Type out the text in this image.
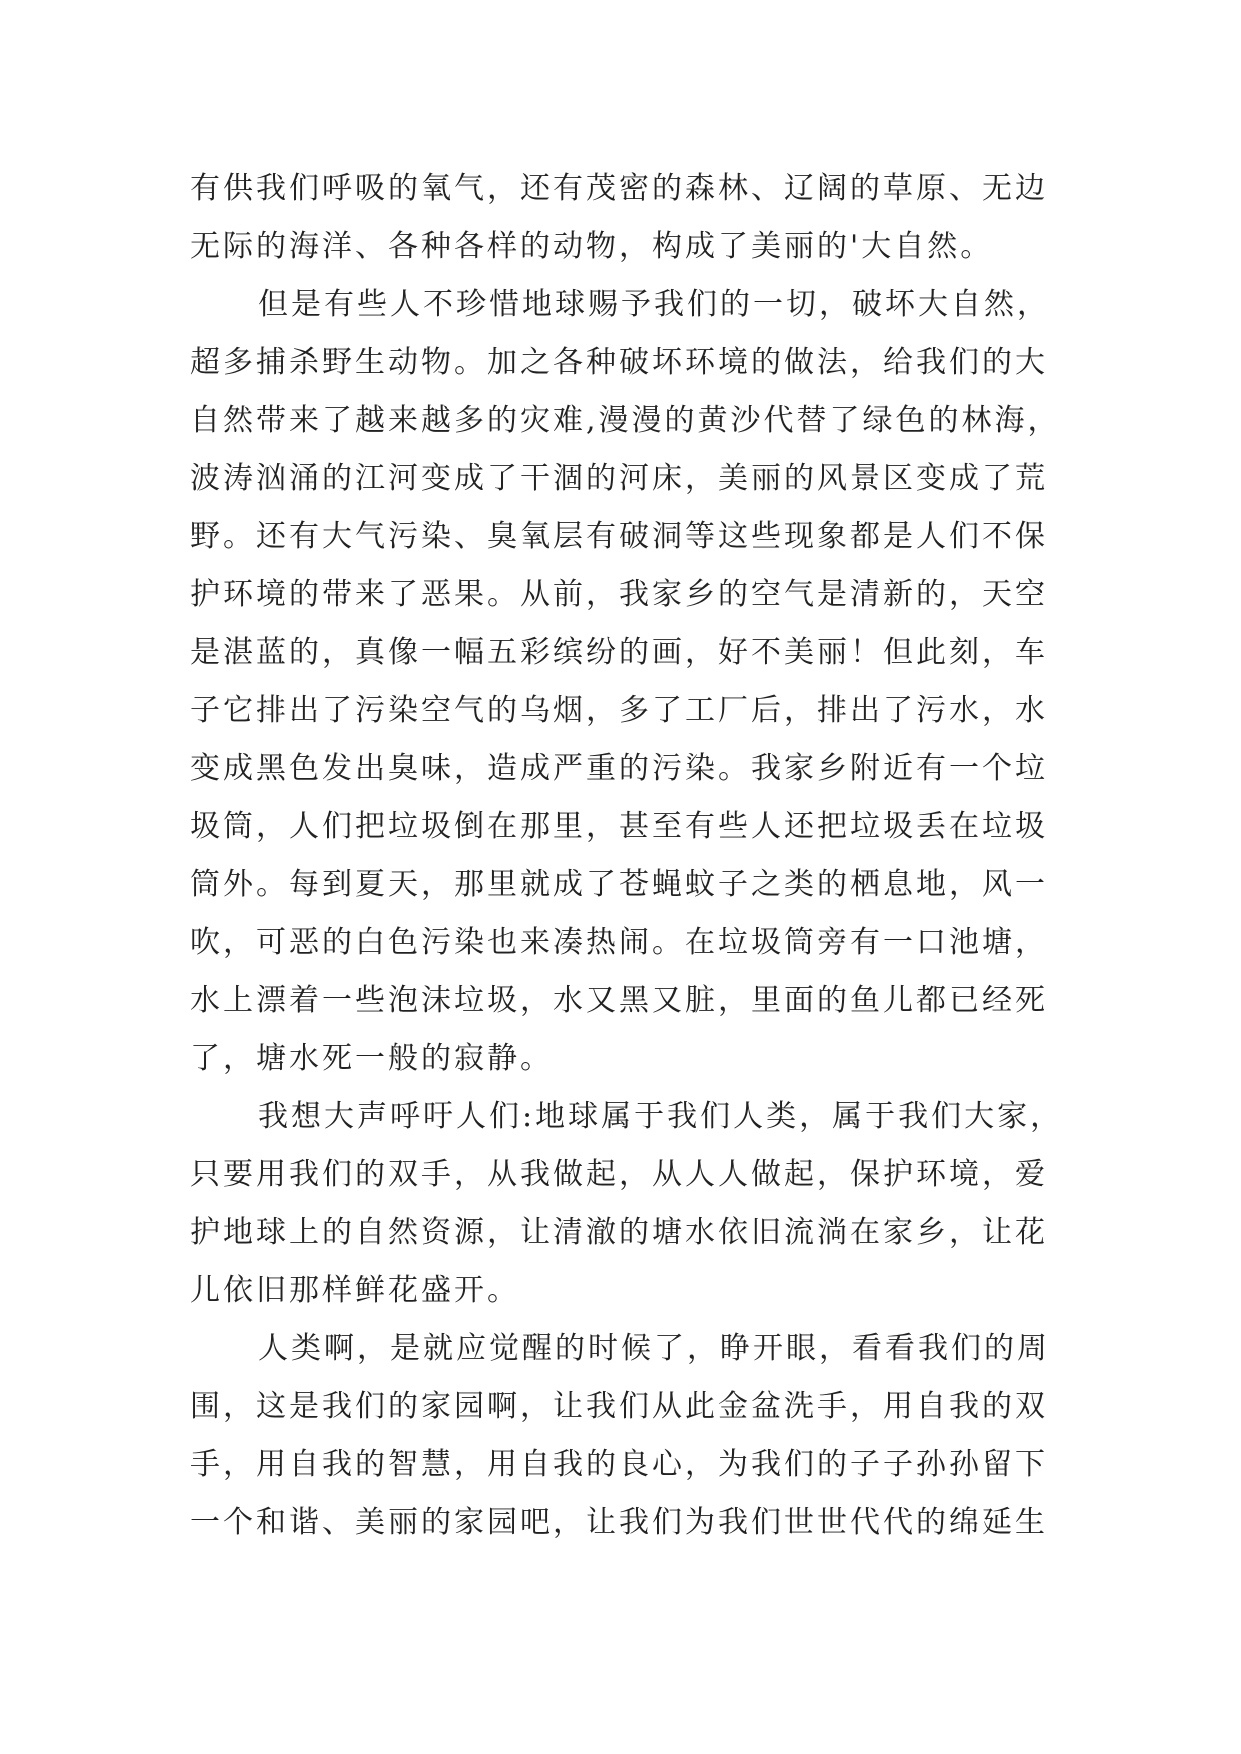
有供我们呼吸的氧气，还有茂密的森林、辽阔的草原、无边
无际的海洋、各种各样的动物，构成了美丽的'大自然。
但是有些人不珍惜地球赐予我们的一切，破坏大自然，
超多捕杀野生动物。加之各种破坏环境的做法，给我们的大
自然带来了越来越多的灾难,漫漫的黄沙代替了绿色的林海，
波涛汹涌的江河变成了干涸的河床，美丽的风景区变成了荒
野。还有大气污染、臭氧层有破洞等这些现象都是人们不保
护环境的带来了恶果。从前，我家乡的空气是清新的，天空
是湛蓝的，真像一幅五彩缤纷的画，好不美丽！但此刻，车
子它排出了污染空气的乌烟，多了工厂后，排出了污水，水
变成黑色发出臭味，造成严重的污染。我家乡附近有一个垃
圾筒，人们把垃圾倒在那里，甚至有些人还把垃圾丢在垃圾
筒外。每到夏天，那里就成了苍蝇蚊子之类的栖息地，风一
吹，可恶的白色污染也来凑热闹。在垃圾筒旁有一口池塘，
水上漂着一些泡沫垃圾，水又黑又脏，里面的鱼儿都已经死
了，塘水死一般的寂静。
我想大声呼吁人们:地球属于我们人类，属于我们大家，
只要用我们的双手，从我做起，从人人做起，保护环境，爱
护地球上的自然资源，让清澈的塘水依旧流淌在家乡，让花
儿依旧那样鲜花盛开。
人类啊，是就应觉醒的时候了，睁开眼，看看我们的周
围，这是我们的家园啊，让我们从此金盆洗手，用自我的双
手，用自我的智慧，用自我的良心，为我们的子子孙孙留下
一个和谐、美丽的家园吧，让我们为我们世世代代的绵延生
